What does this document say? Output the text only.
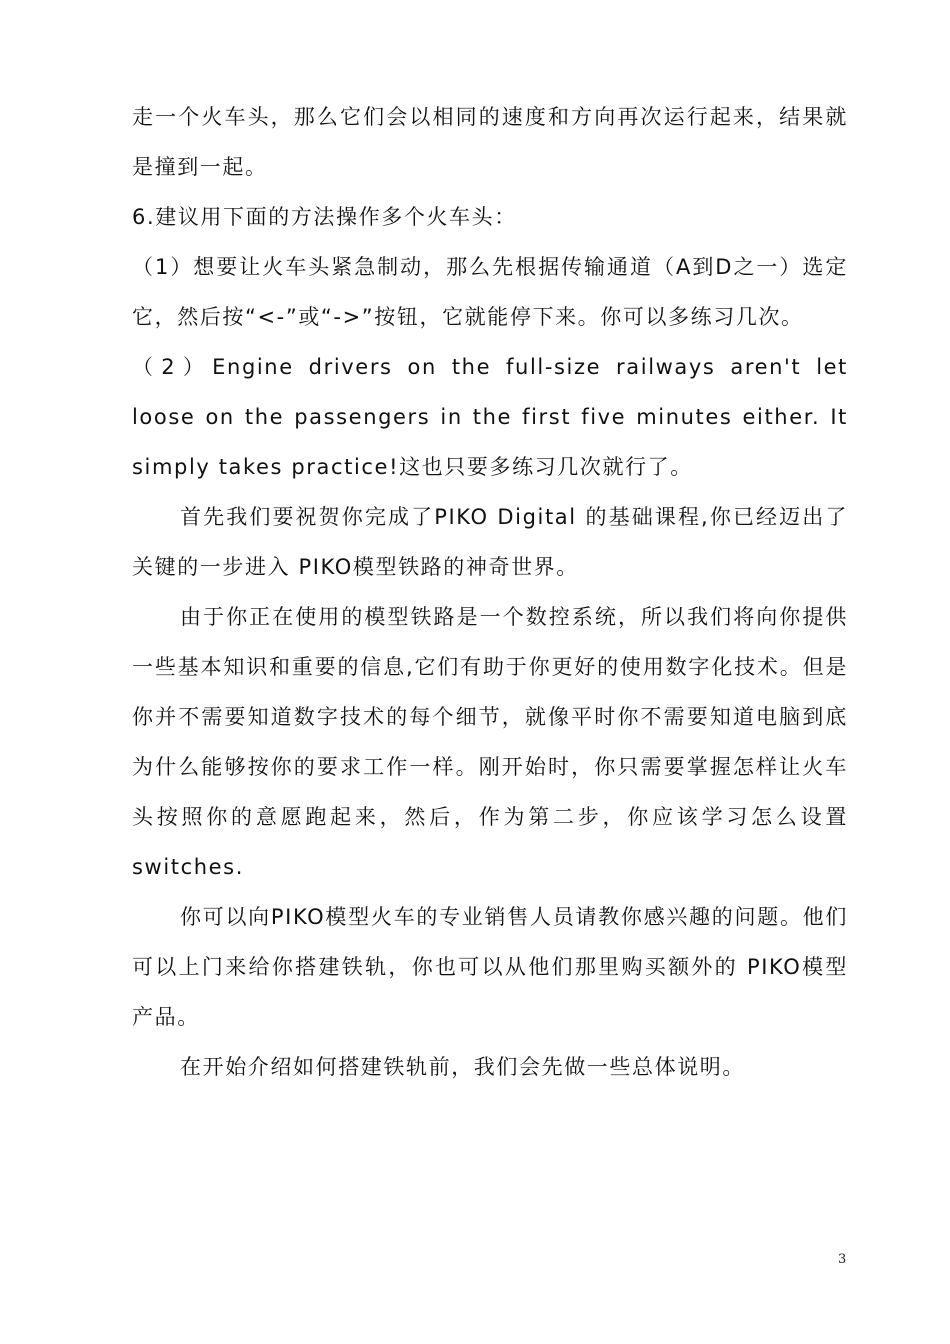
走一个火车头，那么它们会以相同的速度和方向再次运行起来，结果就是撞到一起。

6.建议用下面的方法操作多个火车头：

（1）想要让火车头紧急制动，那么先根据传输通道（A到D之一）选定它，然后按“<-”或“->”按钮，它就能停下来。你可以多练习几次。

（2）Engine drivers on the full-size railways aren't let loose on the passengers in the first five minutes either. It simply takes practice!这也只要多练习几次就行了。

首先我们要祝贺你完成了PIKO Digital 的基础课程,你已经迈出了关键的一步进入 PIKO模型铁路的神奇世界。

由于你正在使用的模型铁路是一个数控系统，所以我们将向你提供一些基本知识和重要的信息,它们有助于你更好的使用数字化技术。但是你并不需要知道数字技术的每个细节，就像平时你不需要知道电脑到底为什么能够按你的要求工作一样。刚开始时，你只需要掌握怎样让火车头按照你的意愿跑起来，然后，作为第二步，你应该学习怎么设置 switches.

你可以向PIKO模型火车的专业销售人员请教你感兴趣的问题。他们可以上门来给你搭建铁轨，你也可以从他们那里购买额外的 PIKO模型产品。

在开始介绍如何搭建铁轨前，我们会先做一些总体说明。

3
